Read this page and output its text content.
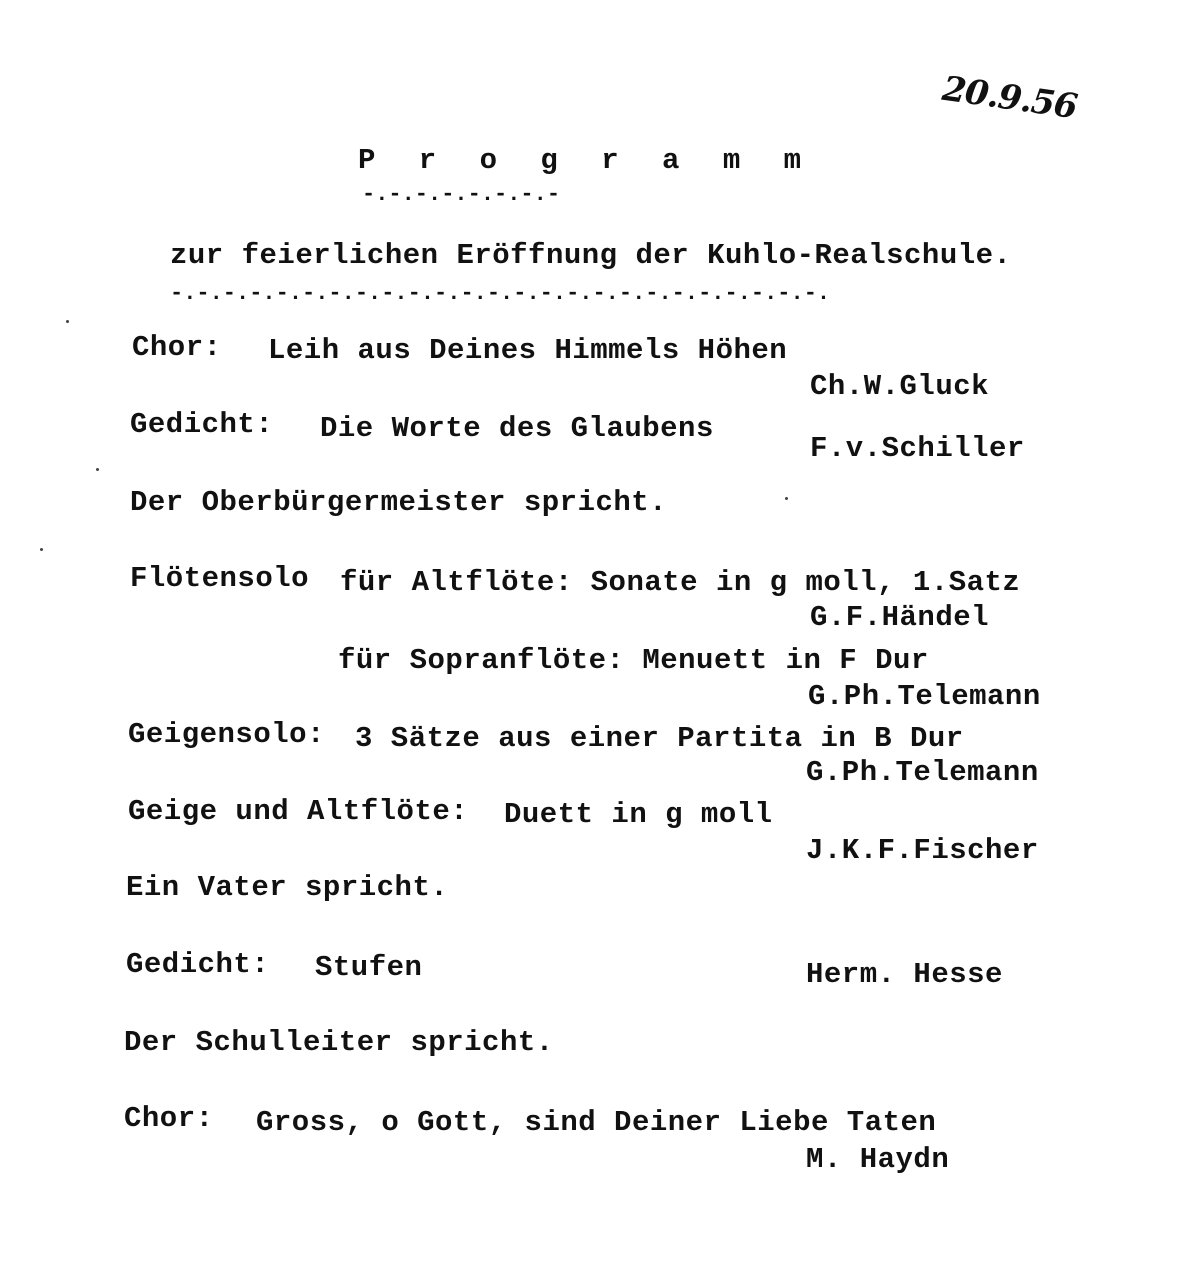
20.9.56
P r o g r a m m
-.-.-.-.-.-.-.-
zur feierlichen Eröffnung der Kuhlo-Realschule.
-.-.-.-.-.-.-.-.-.-.-.-.-.-.-.-.-.-.-.-.-.-.-.-.-.
Chor: Leih aus Deines Himmels Höhen
Ch.W.Gluck
Gedicht: Die Worte des Glaubens
F.v.Schiller
Der Oberbürgermeister spricht.
Flötensolo für Altflöte: Sonate in g moll, 1.Satz
G.F.Händel
für Sopranflöte: Menuett in F Dur
G.Ph.Telemann
Geigensolo: 3 Sätze aus einer Partita in B Dur
G.Ph.Telemann
Geige und Altflöte: Duett in g moll
J.K.F.Fischer
Ein Vater spricht.
Gedicht: Stufen	Herm. Hesse
Der Schulleiter spricht.
Chor: Gross, o Gott, sind Deiner Liebe Taten
M. Haydn
